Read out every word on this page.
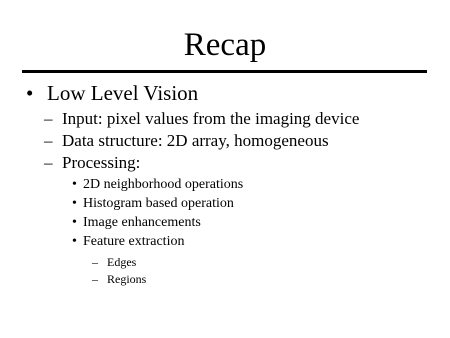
Recap
• Low Level Vision
– Input: pixel values from the imaging device
– Data structure: 2D array, homogeneous
– Processing:
• 2D neighborhood operations
• Histogram based operation
• Image enhancements
• Feature extraction
– Edges
– Regions
